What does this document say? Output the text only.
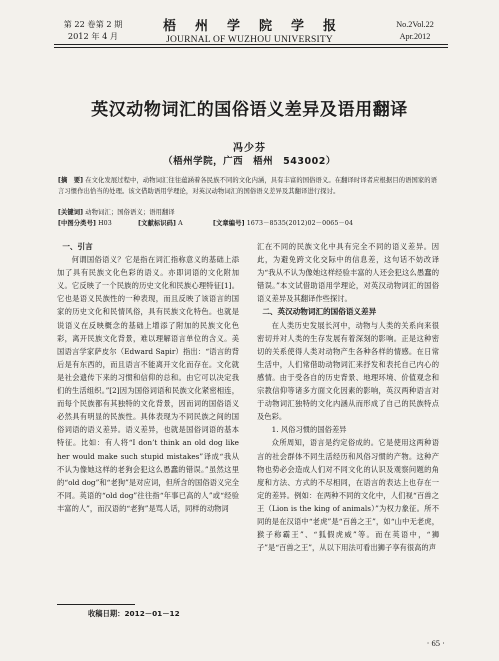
第 22 卷第 2 期
2012 年 4 月
梧州学院学报
JOURNAL OF WUZHOU UNIVERSITY
No.2Vol.22
Apr.2012
英汉动物词汇的国俗语义差异及语用翻译
冯少芬
（梧州学院，广西　梧州　543002）
[摘　要] 在文化发展过程中，动物词汇往往蕴涵着各民族不同的文化内涵，具有丰富的国俗语义。在翻译时译者应根据目的语国家的语言习惯作出恰当的处理。该文借助语用学理论，对英汉动物词汇的国俗语义差异及其翻译进行探讨。
[关键词] 动物词汇；国俗语义；语用翻译
[中图分类号] H03	[文献标识码] A	[文章编号] 1673－8535(2012)02－0065－04
一、引言

何谓国俗语义？它是指在词汇指称意义的基础上添加了具有民族文化色彩的语义。亦即词语的文化附加义。它反映了一个民族的历史文化和民族心理特征[1]。它也是语义民族性的一种表现，而且反映了该语言的国家的历史文化和民情风俗，具有民族文化特色。也就是说语义在反映概念的基础上增添了附加的民族文化色彩，离开民族文化背景，难以理解语言单位的含义。美国语言学家萨皮尔（Edward Sapir）指出：“语言的背后是有东西的，而且语言不能离开文化而存在。文化就是社会遗传下来的习惯和信仰的总和。由它可以决定我们的生活组织。”[2]因为国俗词语和民族文化紧密相连，而每个民族都有其独特的文化背景，因而词的国俗语义必然具有明显的民族性。具体表现为不同民族之间的国俗词语的语义差异。语义差异，也就是国俗词语的基本特征。比如：有人将“I don’t think an old dog like her would make such stupid mistakes”译成“我从不认为像她这样的老狗会犯这么愚蠢的错误。”虽然这里的“old dog”和“老狗”是对应词，但所含的国俗语义完全不同。英语的“old dog”往往指“年事已高的人”或“经验丰富的人”，而汉语的“老狗”是骂人话，同样的动物词

汇在不同的民族文化中具有完全不同的语义差异。因此，为避免跨文化交际中的信息差，这句话不妨改译为“我从不认为像她这样经验丰富的人还会犯这么愚蠢的错误。”本文试借助语用学理论，对英汉动物词汇的国俗语义差异及其翻译作些探讨。

二、英汉动物词汇的国俗语义差异

在人类历史发展长河中，动物与人类的关系向来很密切并对人类的生存发展有着深刻的影响。正是这种密切的关系使得人类对动物产生各种各样的情感。在日常生活中，人们常借助动物词汇来抒发和表托自己内心的感情。由于受各自的历史背景、地理环境、价值观念和宗教信仰等诸多方面文化因素的影响，英汉两种语言对于动物词汇独特的文化内涵从而形成了自己的民族特点及色彩。

1. 风俗习惯的国俗差异

众所周知，语言是约定俗成的。它是使用这两种语言的社会群体不同生活经历和风俗习惯的产物。这种产物也势必会造成人们对不同文化的认识及观察问题的角度和方法、方式的不尽相同，在语言的表达上也存在一定的差异。例如：在两种不同的文化中，人们视“百兽之王（Lion is the king of animals）”为权力象征。所不同的是在汉语中“老虎”是“百兽之王”，如“山中无老虎，猴子称霸王”、“狐假虎威”等。而在英语中，“狮子”是“百兽之王”，从以下用法可看出狮子享有很高的声

收稿日期：2012－01－12
· 65 ·
